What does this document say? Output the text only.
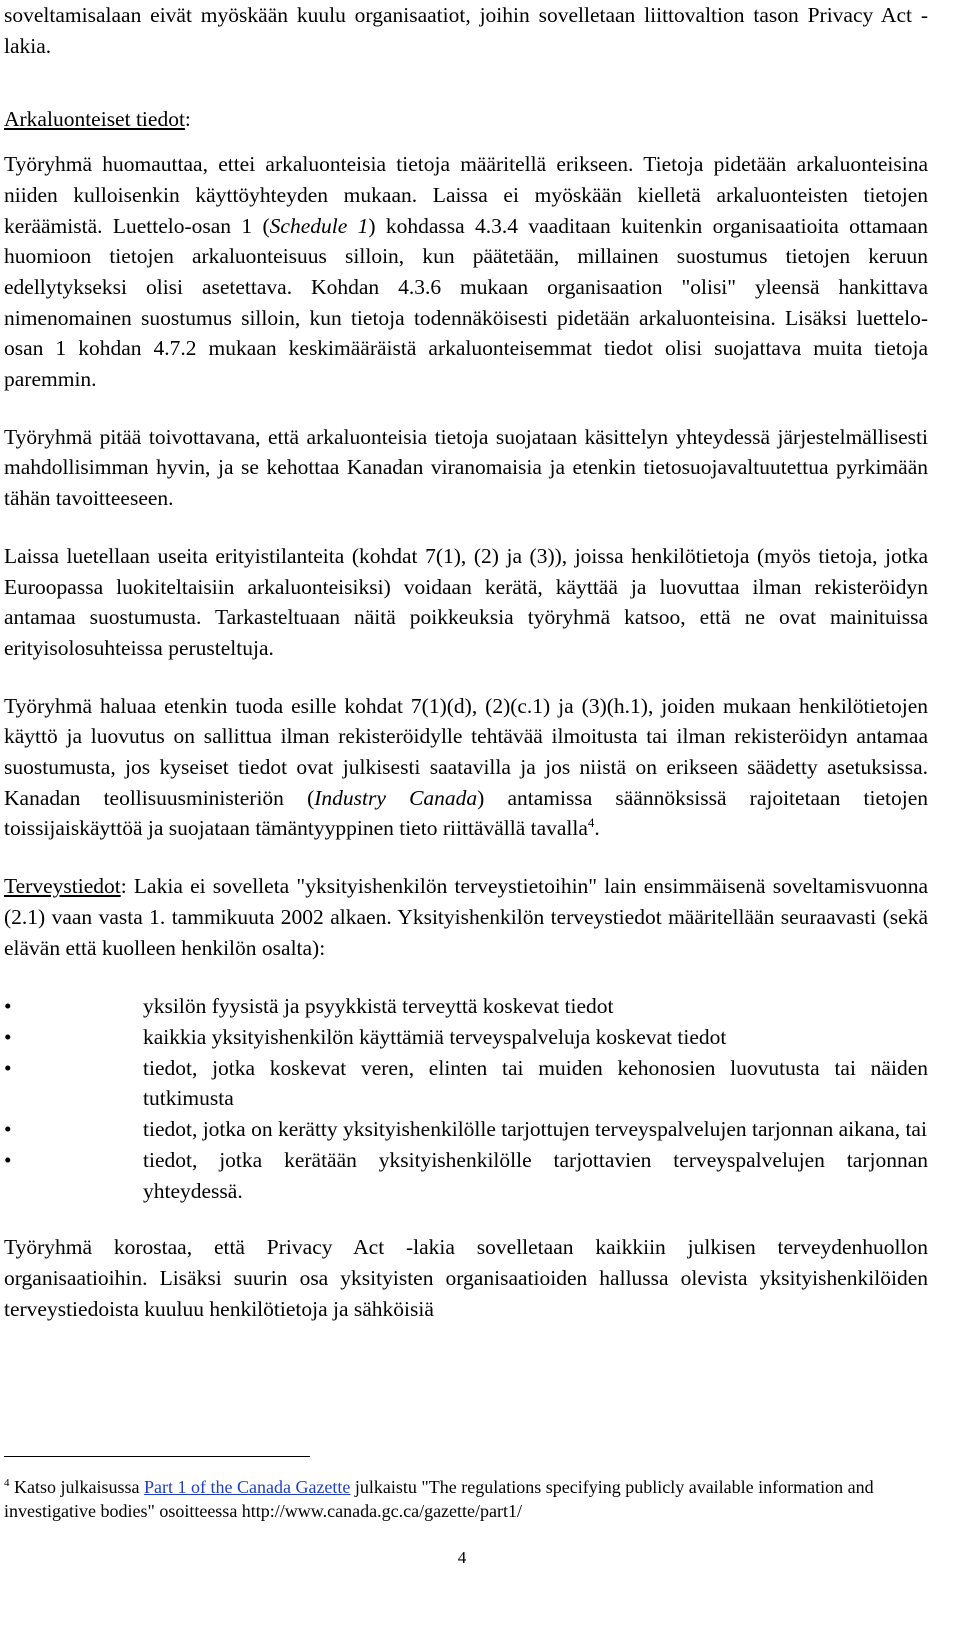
soveltamisalaan eivät myöskään kuulu organisaatiot, joihin sovelletaan liittovaltion tason Privacy Act -lakia.

Arkaluonteiset tiedot:

Työryhmä huomauttaa, ettei arkaluonteisia tietoja määritellä erikseen. Tietoja pidetään arkaluonteisina niiden kulloisenkin käyttöyhteyden mukaan. Laissa ei myöskään kielletä arkaluonteisten tietojen keräämistä. Luettelo-osan 1 (Schedule 1) kohdassa 4.3.4 vaaditaan kuitenkin organisaatioita ottamaan huomioon tietojen arkaluonteisuus silloin, kun päätetään, millainen suostumus tietojen keruun edellytykseksi olisi asetettava. Kohdan 4.3.6 mukaan organisaation "olisi" yleensä hankittava nimenomainen suostumus silloin, kun tietoja todennäköisesti pidetään arkaluonteisina. Lisäksi luettelo-osan 1 kohdan 4.7.2 mukaan keskimääräistä arkaluonteisemmat tiedot olisi suojattava muita tietoja paremmin.

Työryhmä pitää toivottavana, että arkaluonteisia tietoja suojataan käsittelyn yhteydessä järjestelmällisesti mahdollisimman hyvin, ja se kehottaa Kanadan viranomaisia ja etenkin tietosuojavaltuutettua pyrkimään tähän tavoitteeseen.

Laissa luetellaan useita erityistilanteita (kohdat 7(1), (2) ja (3)), joissa henkilötietoja (myös tietoja, jotka Euroopassa luokiteltaisiin arkaluonteisiksi) voidaan kerätä, käyttää ja luovuttaa ilman rekisteröidyn antamaa suostumusta. Tarkasteltuaan näitä poikkeuksia työryhmä katsoo, että ne ovat mainituissa erityisolosuhteissa perusteltuja.

Työryhmä haluaa etenkin tuoda esille kohdat 7(1)(d), (2)(c.1) ja (3)(h.1), joiden mukaan henkilötietojen käyttö ja luovutus on sallittua ilman rekisteröidylle tehtävää ilmoitusta tai ilman rekisteröidyn antamaa suostumusta, jos kyseiset tiedot ovat julkisesti saatavilla ja jos niistä on erikseen säädetty asetuksissa. Kanadan teollisuusministeriön (Industry Canada) antamissa säännöksissä rajoitetaan tietojen toissijaiskäyttöä ja suojataan tämäntyyppinen tieto riittävällä tavalla$^4$.

Terveystiedot: Lakia ei sovelleta "yksityishenkilön terveystietoihin" lain ensimmäisenä soveltamisvuonna (2.1) vaan vasta 1. tammikuuta 2002 alkaen. Yksityishenkilön terveystiedot määritellään seuraavasti (sekä elävän että kuolleen henkilön osalta):

•	yksilön fyysistä ja psyykkistä terveyttä koskevat tiedot
•	kaikkia yksityishenkilön käyttämiä terveyspalveluja koskevat tiedot
•	tiedot, jotka koskevat veren, elinten tai muiden kehonosien luovutusta tai näiden tutkimusta
•	tiedot, jotka on kerätty yksityishenkilölle tarjottujen terveyspalvelujen tarjonnan aikana, tai
•	tiedot, jotka kerätään yksityishenkilölle tarjottavien terveyspalvelujen tarjonnan yhteydessä.

Työryhmä korostaa, että Privacy Act -lakia sovelletaan kaikkiin julkisen terveydenhuollon organisaatioihin. Lisäksi suurin osa yksityisten organisaatioiden hallussa olevista yksityishenkilöiden terveystiedoista kuuluu henkilötietoja ja sähköisiä

$^4$ Katso julkaisussa Part 1 of the Canada Gazette julkaistu "The regulations specifying publicly available information and investigative bodies" osoitteessa http://www.canada.gc.ca/gazette/part1/
4
